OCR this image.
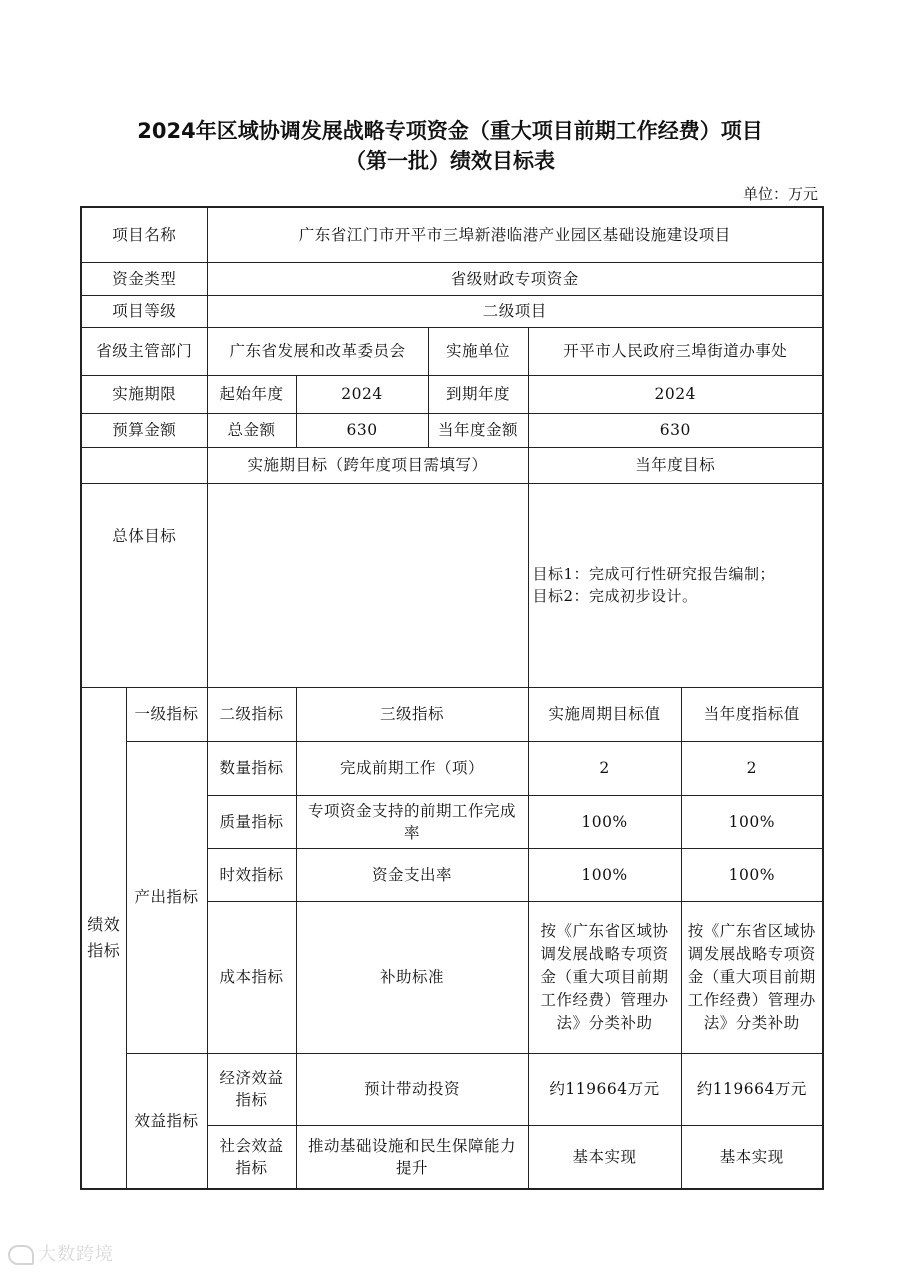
2024年区域协调发展战略专项资金（重大项目前期工作经费）项目
（第一批）绩效目标表
单位：万元
项目名称		广东省江门市开平市三埠新港临港产业园区基础设施建设项目				
资金类型		省级财政专项资金				
项目等级		二级项目				
省级主管部门		广东省发展和改革委员会		实施单位	开平市人民政府三埠街道办事处	
实施期限		起始年度	2024	到期年度	2024	
预算金额		总金额	630	当年度金额	630	
		实施期目标（跨年度项目需填写）			当年度目标	

总体目标					目标1：完成可行性研究报告编制；
目标2：完成初步设计。	

绩效指标	一级指标	二级指标	三级指标		实施周期目标值	当年度指标值
	产出指标	数量指标	完成前期工作（项）		2	2
		质量指标	专项资金支持的前期工作完成率		100%	100%
		时效指标	资金支出率		100%	100%
		成本指标	补助标准		按《广东省区域协调发展战略专项资金（重大项目前期工作经费）管理办法》分类补助	按《广东省区域协调发展战略专项资金（重大项目前期工作经费）管理办法》分类补助
	效益指标	经济效益指标	预计带动投资		约119664万元	约119664万元
		社会效益指标	推动基础设施和民生保障能力提升		基本实现	基本实现
大数跨境
